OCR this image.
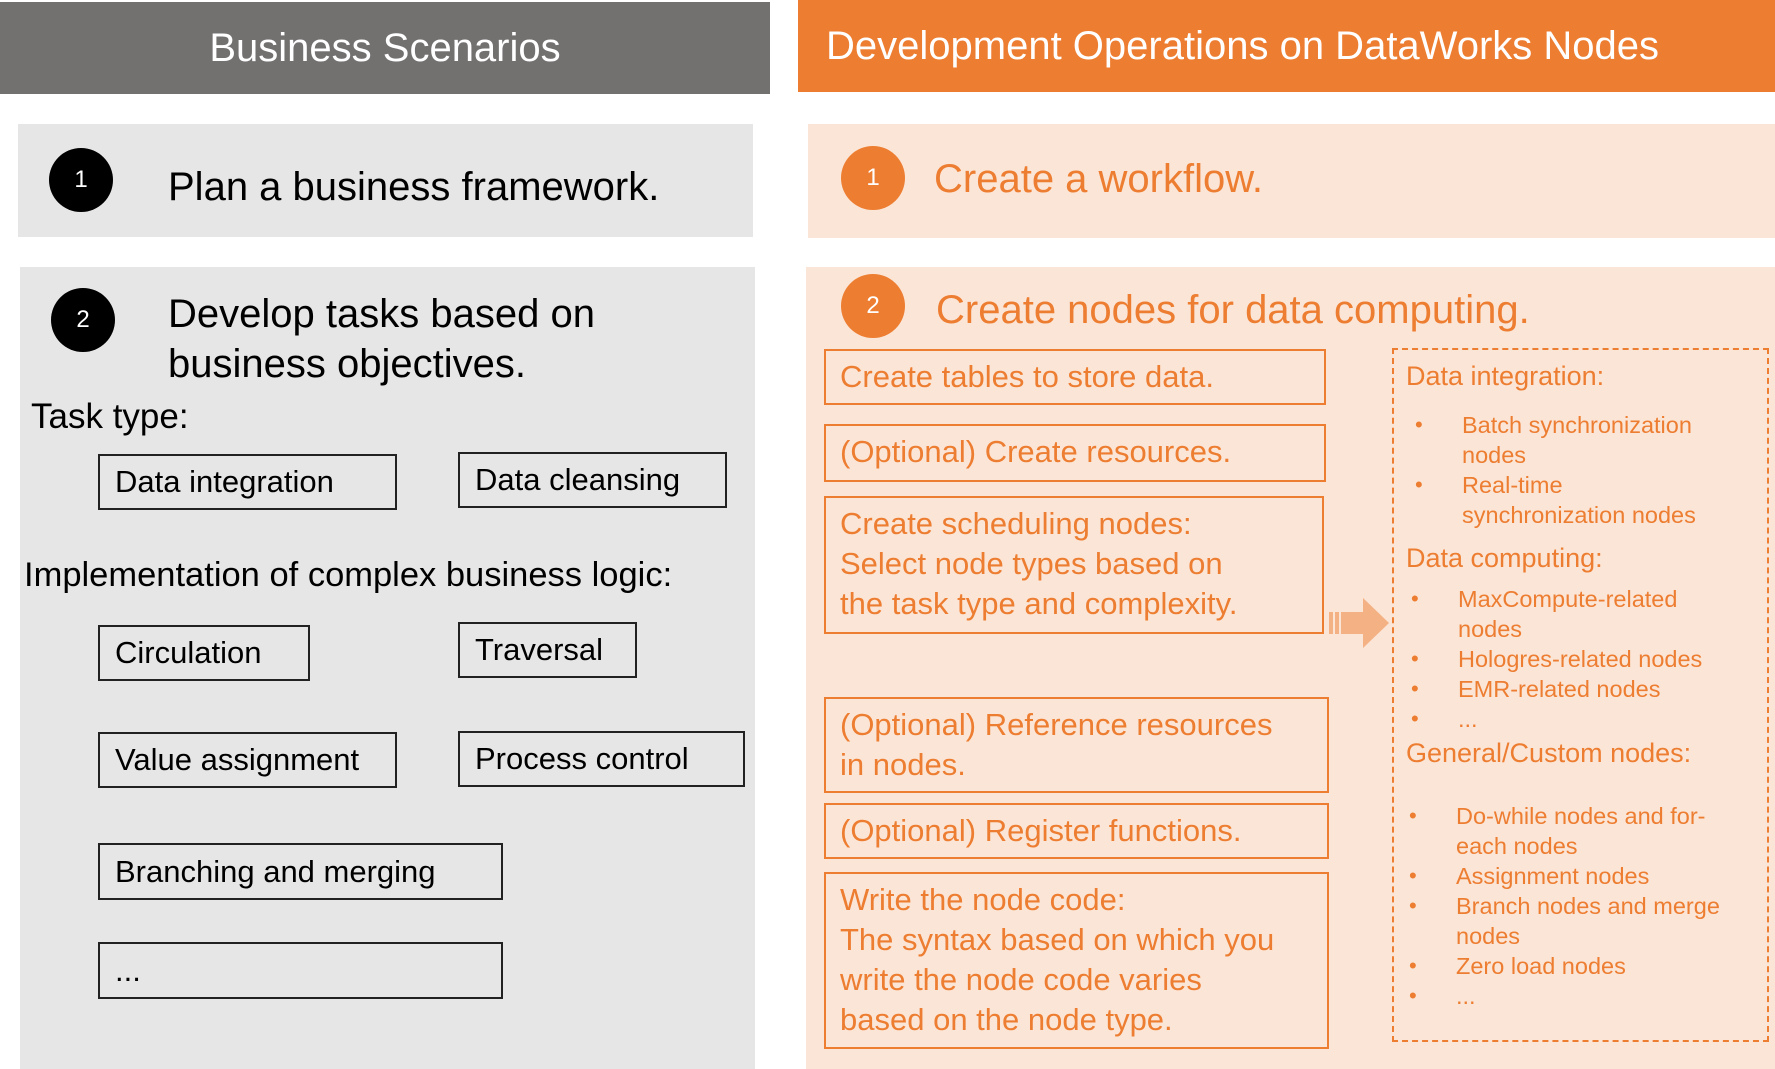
Business Scenarios	Development Operations on DataWorks Nodes
1 Plan a business framework.
2 Develop tasks based on
business objectives.
Task type:
Data integration	Data cleansing
Implementation of complex business logic:
Circulation	Traversal
Value assignment	Process control
Branching and merging
...
1 Create a workflow.
2 Create nodes for data computing.
Create tables to store data.
(Optional) Create resources.
Create scheduling nodes:
Select node types based on
the task type and complexity.
(Optional) Reference resources
in nodes.
(Optional) Register functions.
Write the node code:
The syntax based on which you
write the node code varies
based on the node type.
Data integration:
• Batch synchronization
nodes
• Real-time
synchronization nodes
Data computing:
• MaxCompute-related
nodes
• Hologres-related nodes
• EMR-related nodes
• ...
General/Custom nodes:
• Do-while nodes and for-
each nodes
• Assignment nodes
• Branch nodes and merge
nodes
• Zero load nodes
• ...
